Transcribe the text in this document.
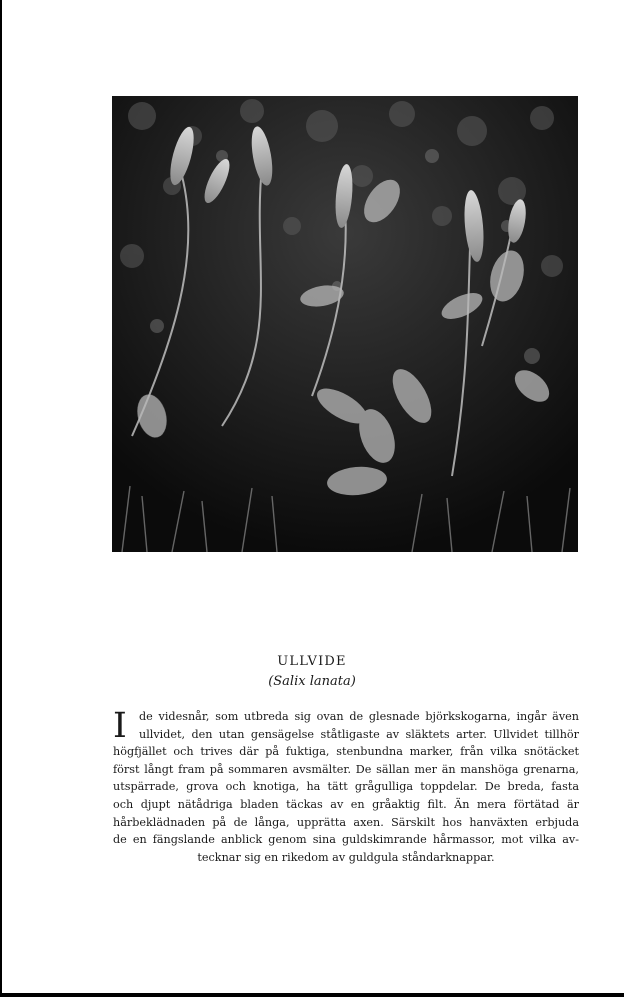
ULLVIDE
(Salix lanata)
I	de videsnår, som utbreda sig ovan de glesnade björkskogarna, ingår även
ullvidet, den utan gensägelse ståtligaste av släktets arter. Ullvidet tillhör
högfjället och trives där på fuktiga, stenbundna marker, från vilka snötäcket
först långt fram på sommaren avsmälter. De sällan mer än manshöga grenarna,
utspärrade, grova och knotiga, ha tätt grågulliga toppdelar. De breda, fasta
och djupt nätådriga bladen täckas av en gråaktig filt. Än mera förtätad är
hårbeklädnaden på de långa, upprätta axen. Särskilt hos hanväxten erbjuda
de en fängslande anblick genom sina guldskimrande hårmassor, mot vilka av-
tecknar sig en rikedom av guldgula ståndarknappar.
